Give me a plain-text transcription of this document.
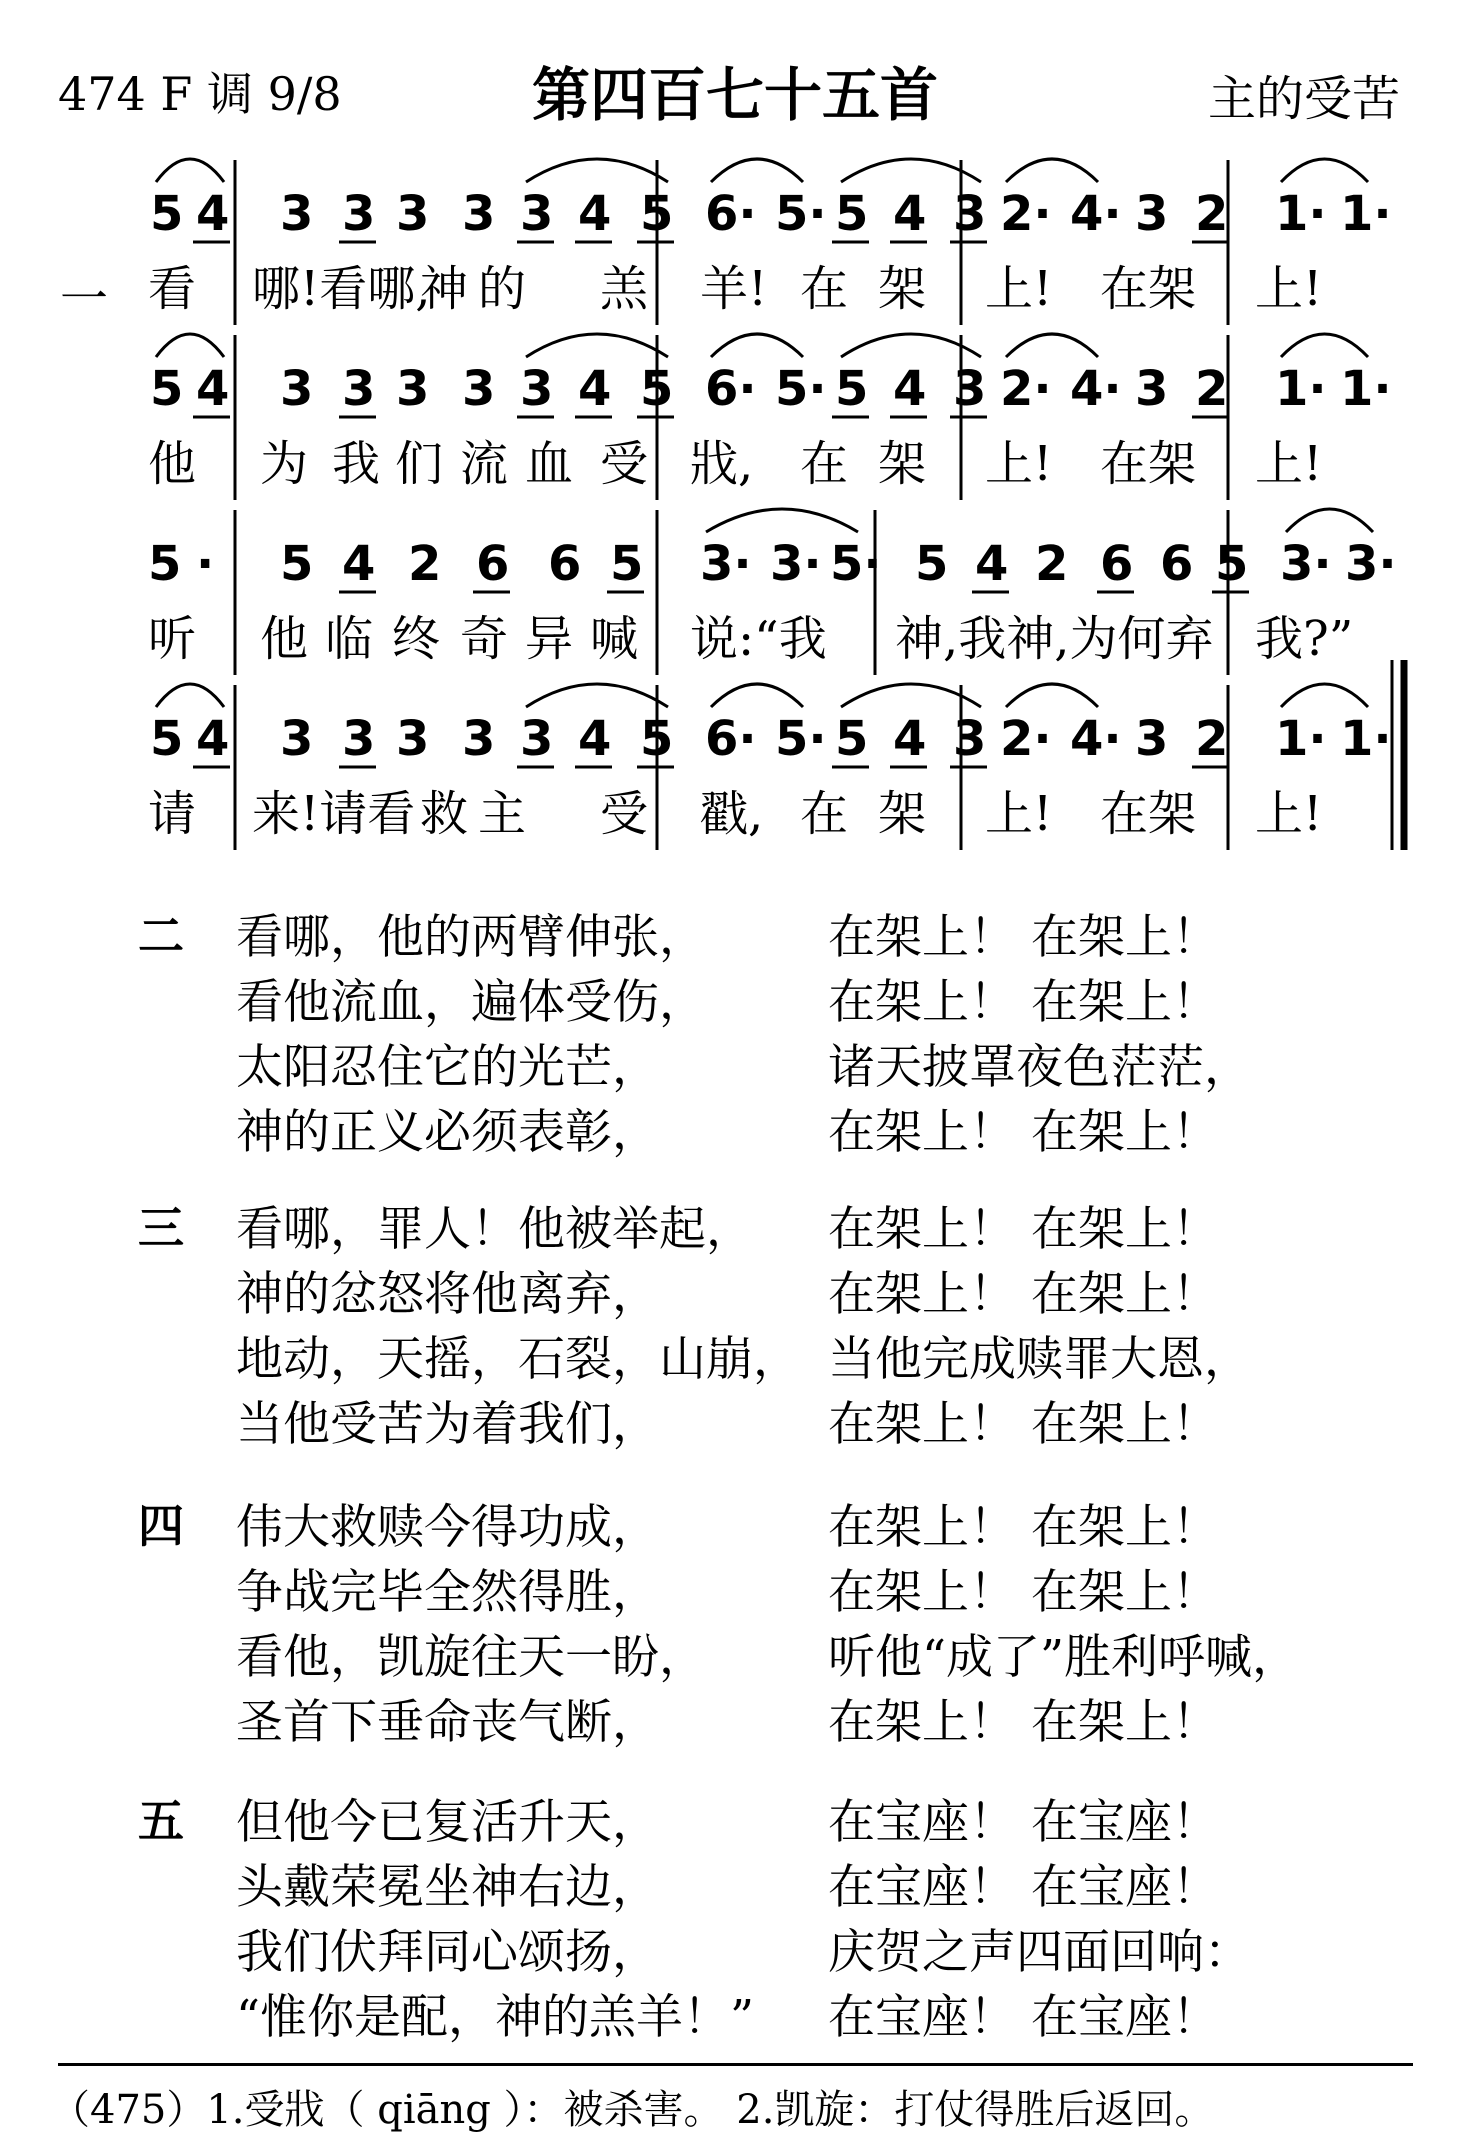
474 F 调 9/8	第四百七十五首	主的受苦
一
5 4 3 3 3 3 3 4 5 6· 5· 5 4 3 2· 4· 3 2 1· 1·
看 哪!看哪,
神 的 羔 羊! 在 架 上! 在架 上!
5 4 3 3 3 3 3 4 5 6· 5· 5 4 3 2· 4· 3 2 1· 1·
他 为 我 们 流 血 受 戕, 在 架 上! 在架 上!
5 · 5 4 2 6 6 5 3· 3· 5· 5 4 2 6 6 5 3· 3·
听 他 临 终 奇 异 喊 说:“我 神,我神,为何弃 我?”
5 4 3 3 3 3 3 4 5 6· 5· 5 4 3 2· 4· 3 2 1· 1·
请 来!请看 救 主 受 戳, 在 架 上! 在架 上!
二 看哪，他的两臂伸张，	在架上！ 在架上！
看他流血，遍体受伤，	在架上！ 在架上！
太阳忍住它的光芒，	诸天披罩夜色茫茫，
神的正义必须表彰，	在架上！ 在架上！
三 看哪，罪人！他被举起， 在架上！ 在架上！
神的忿怒将他离弃，	在架上！ 在架上！
地动，天摇，石裂，山崩， 当他完成赎罪大恩，
当他受苦为着我们，	在架上！ 在架上！
四 伟大救赎今得功成，	在架上！ 在架上！
争战完毕全然得胜，	在架上！ 在架上！
看他，凯旋往天一盼，	听他“成了”胜利呼喊，
圣首下垂命丧气断，	在架上！ 在架上！
五 但他今已复活升天，	在宝座！ 在宝座！
头戴荣冕坐神右边，	在宝座！ 在宝座！
我们伏拜同心颂扬，	庆贺之声四面回响：
“惟你是配，神的羔羊！” 在宝座！ 在宝座！
（475）1.受戕（ qiāng ）：被杀害。 2.凯旋：打仗得胜后返回。
